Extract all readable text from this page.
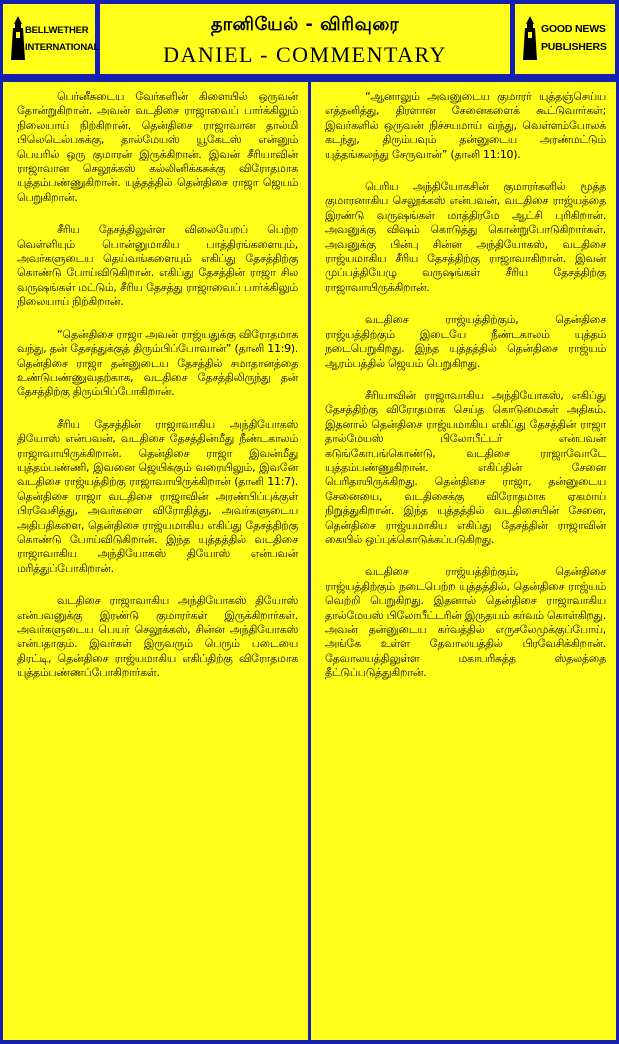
BELLWETHER
INTERNATIONAL
தானியேல் - விரிவுரை
DANIEL - COMMENTARY
GOOD NEWS
PUBLISHERS

பெர்னீசுடைய வேர்களின் கிளையில் ஒருவன் தோன்றுகிறான். அவன் வடதிசை ராஜாவைப் பார்க்கிலும் நிலையாய் நிற்கிறான். தென்திசை ராஜாவான தால்மி பிலெடெல்பசுக்கு, தால்மேயஸ் யூகேடஸ் என்னும் பெயரில் ஒரு குமாரன் இருக்கிறான். இவன் சீரியாவின் ராஜாவான செலூக்கஸ் கல்லினிக்கசுக்கு விரோதமாக யுத்தம்பண்ணுகிறான். யுத்தத்தில் தென்திசை ராஜா ஜெயம் பெறுகிறான்.

சீரிய தேசத்திலுள்ள விலையேறப் பெற்ற வெள்ளியும் பொன்னுமாகிய பாத்திரங்களையும், அவர்களுடைய தெய்வங்களையும் எகிப்து தேசத்திற்கு கொண்டு போய்விடுகிறான். எகிப்து தேசத்தின் ராஜா சில வருஷங்கள் மட்டும், சீரிய தேசத்து ராஜாவைப் பார்க்கிலும் நிலையாய் நிற்கிறான்.

“தென்திசை ராஜா அவன் ராஜ்யதுக்கு விரோதமாக வந்து, தன் தேசத்துக்குத் திரும்பிப்போவான்” (தானி 11:9). தென்திசை ராஜா தன்னுடைய தேசத்தில் சமாதானத்தை உண்டுபண்ணுவதற்காக, வடதிசை தேசத்திலிருந்து தன் தேசத்திற்கு திரும்பிப்போகிறான்.

சீரிய தேசத்தின் ராஜாவாகிய அந்தியோகஸ் தியோஸ் என்பவன், வடதிசை தேசத்தின்மீது நீண்டகாலம் ராஜாவாயிருக்கிறான். தென்திசை ராஜா இவன்மீது யுத்தம்பண்ணி, இவனை ஜெயிக்கும் வரையிலும், இவனே வடதிசை ராஜ்யத்திற்கு ராஜாவாயிருக்கிறான் (தானி 11:7). தென்திசை ராஜா வடதிசை ராஜாவின் அரண்பிப்புக்குள் பிரவேசித்து, அவர்களை விரோதித்து, அவர்களுடைய அதிபதிகளை, தென்திசை ராஜ்யமாகிய எகிப்து தேசத்திற்கு கொண்டு போய்விடுகிறான். இந்த யுத்தத்தில் வடதிசை ராஜாவாகிய அந்தியோகஸ் தியோஸ் என்பவன் மரித்துப்போகிறான்.

வடதிசை ராஜாவாகிய அந்தியோகஸ் தியோஸ் என்பவனுக்கு இரண்டு குமாரர்கள் இருக்கிறார்கள். அவர்களுடைய பெயர் செலூக்கஸ், சின்ன அந்தியோகஸ் என்பதாகும். இவர்கள் இருவரும் பெரும் படையை திரட்டி, தென்திசை ராஜ்யமாகிய எகிப்திற்கு விரோதமாக யுத்தம்பண்ணப்போகிறார்கள்.

“ஆனாலும் அவனுடைய குமாரர் யுத்தஞ்செய்ய எத்தனித்து, திரளான சேனைகளைக் கூட்டுவார்கள்; இவர்களில் ஒருவன் நிச்சயமாய் வந்து, வெள்ளம்போலக் கடந்து, திரும்பவும் தன்னுடைய அரண்மட்டும் யுத்தங்கலந்து சேருவான்” (தானி 11:10).

பெரிய அந்தியோகசின் குமாரர்களில் மூத்த குமாரனாகிய செலூக்கஸ் என்பவன், வடதிசை ராஜ்யத்தை இரண்டு வருஷங்கள் மாத்திரமே ஆட்சி புரிகிறான். அவனுக்கு விஷம் கொடுத்து கொன்றுபோடுகிறார்கள். அவனுக்கு பின்பு சின்ன அந்தியோகஸ், வடதிசை ராஜ்யமாகிய சீரிய தேசத்திற்கு ராஜாவாகிறான். இவன் முப்பத்தியேழு வருஷங்கள் சீரிய தேசத்திற்கு ராஜாவாயிருக்கிறான்.

வடதிசை ராஜ்யத்திற்கும், தென்திசை ராஜ்யத்திற்கும் இடையே நீண்டகாலம் யுத்தம் நடைபெறுகிறது. இந்த யுத்தத்தில் தென்திசை ராஜ்யம் ஆரம்பத்தில் ஜெயம் பெறுகிறது.

சீரியாவின் ராஜாவாகிய அந்தியோகஸ், எகிப்து தேசத்திற்கு விரோதமாக செய்த கொடுமைகள் அதிகம். இதனால் தென்திசை ராஜ்யமாகிய எகிப்து தேசத்தின் ராஜா தால்மேயஸ் பிலோபீட்டர் என்பவன் கடுங்கோபங்கொண்டு, வடதிசை ராஜாவோடே யுத்தம்பண்ணுகிறான். எகிப்தின் சேனை பெரிதாயிருக்கிறது. தென்திசை ராஜா, தன்னுடைய சேனையை, வடதிசைக்கு விரோதமாக ஏகமாய் நிறுத்துகிறான். இந்த யுத்தத்தில் வடதிசையின் சேனை, தென்திசை ராஜ்யமாகிய எகிப்து தேசத்தின் ராஜாவின் கையில் ஒப்புக்கொடுக்கப்படுகிறது.

வடதிசை ராஜ்யத்திற்கும், தென்திசை ராஜ்யத்திற்கும் நடைபெற்ற யுத்தத்தில், தென்திசை ராஜ்யம் வெற்றி பெறுகிறது. இதனால் தென்திசை ராஜாவாகிய தால்மேயஸ் பிலோபீட்டரின் இருதயம் கர்வம் கொள்கிறது. அவன் தன்னுடைய கர்வத்தில் எருசலேமுக்குப்போய், அங்கே உள்ள தேவாலயத்தில் பிரவேசிக்கிறான். தேவாலயத்திலுள்ள மகாபரிசுத்த ஸ்தலத்தை தீட்டுப்படுத்துகிறான்.
